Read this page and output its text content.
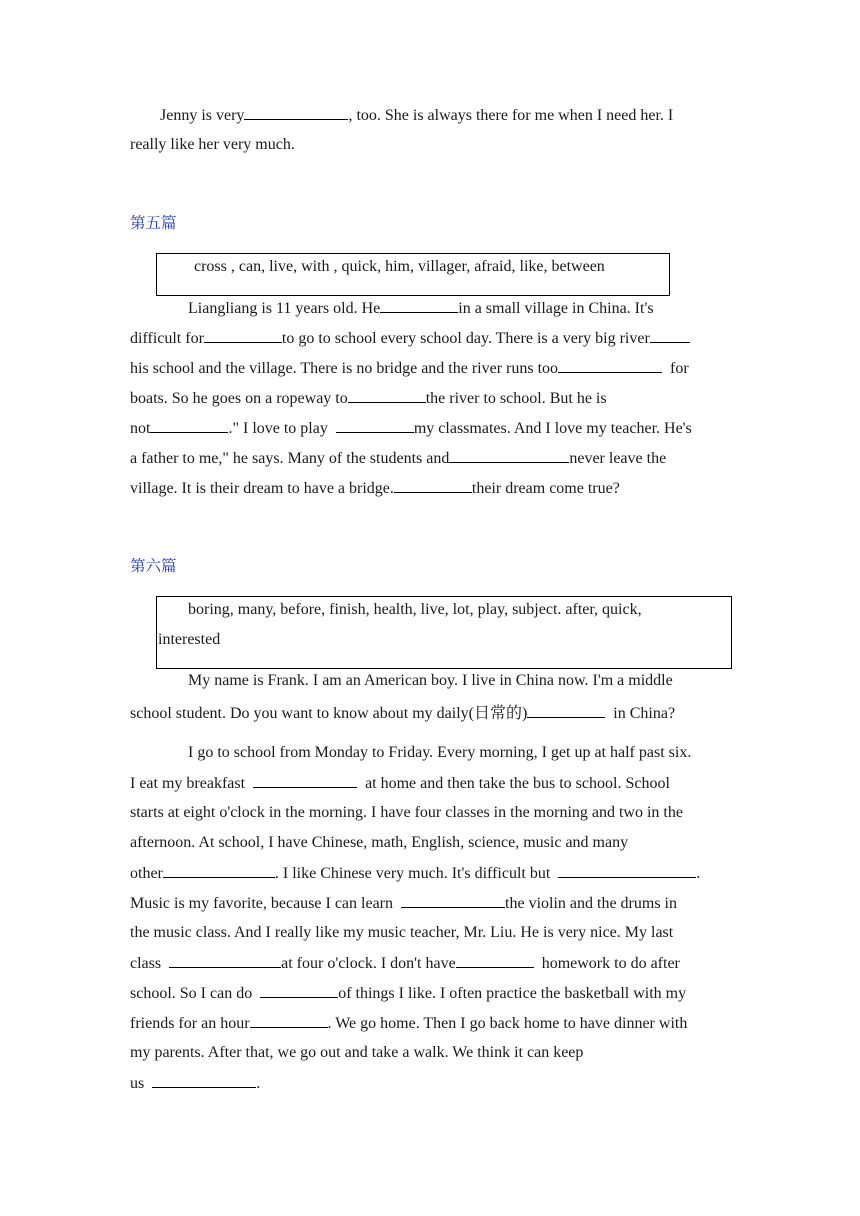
Jenny is very	, too. She is always there for me when I need her. I
really like her very much.
第五篇
cross , can, live, with , quick, him, villager, afraid, like, between
Liangliang is 11 years old. He	in a small village in China. It's
difficult for	to go to school every school day. There is a very big river
his school and the village. There is no bridge and the river runs too	for
boats. So he goes on a ropeway to	the river to school. But he is
not	." I love to play	my classmates. And I love my teacher. He's
a father to me," he says. Many of the students and	never leave the
village. It is their dream to have a bridge.	their dream come true?
第六篇
boring, many, before, finish, health, live, lot, play, subject. after, quick,
interested
My name is Frank. I am an American boy. I live in China now. I'm a middle
school student. Do you want to know about my daily(日常的)	in China?
I go to school from Monday to Friday. Every morning, I get up at half past six.
I eat my breakfast	at home and then take the bus to school. School
starts at eight o'clock in the morning. I have four classes in the morning and two in the
afternoon. At school, I have Chinese, math, English, science, music and many
other	. I like Chinese very much. It's difficult but	.
Music is my favorite, because I can learn	the violin and the drums in
the music class. And I really like my music teacher, Mr. Liu. He is very nice. My last
class	at four o'clock. I don't have	homework to do after
school. So I can do	of things I like. I often practice the basketball with my
friends for an hour	. We go home. Then I go back home to have dinner with
my parents. After that, we go out and take a walk. We think it can keep
us	.
